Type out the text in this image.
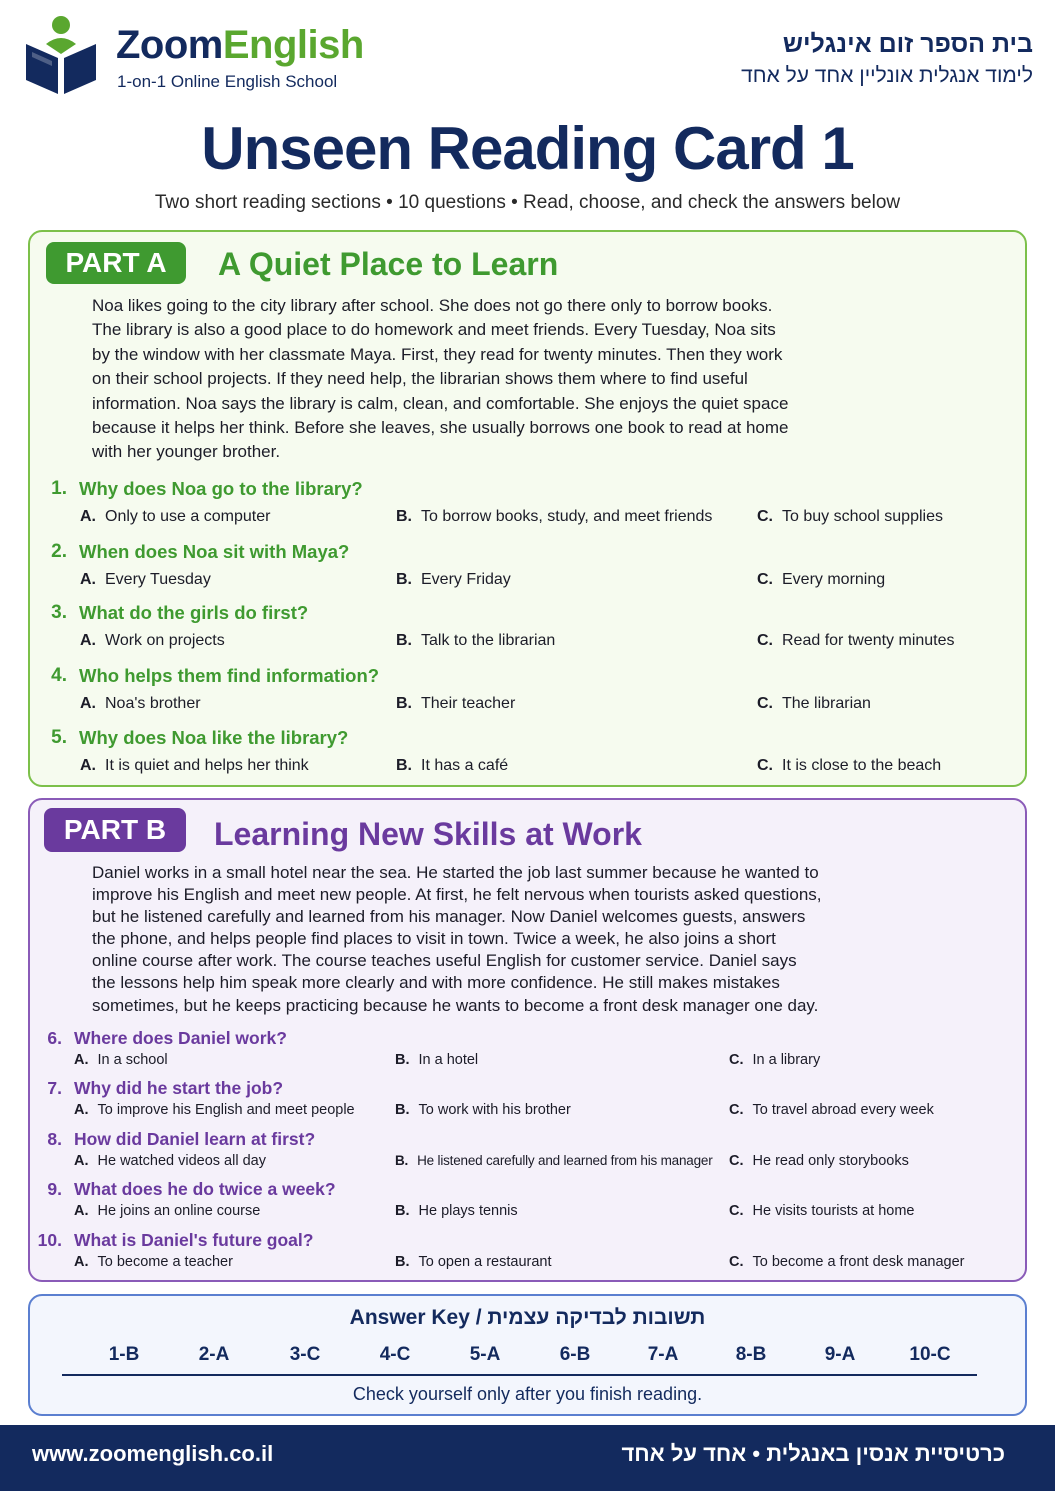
ZoomEnglish
1-on-1 Online English School
בית הספר זום אינגליש
לימוד אנגלית אונליין אחד על אחד
Unseen Reading Card 1
Two short reading sections • 10 questions • Read, choose, and check the answers below
PART A	A Quiet Place to Learn
Noa likes going to the city library after school. She does not go there only to borrow books.
The library is also a good place to do homework and meet friends. Every Tuesday, Noa sits
by the window with her classmate Maya. First, they read for twenty minutes. Then they work
on their school projects. If they need help, the librarian shows them where to find useful
information. Noa says the library is calm, clean, and comfortable. She enjoys the quiet space
because it helps her think. Before she leaves, she usually borrows one book to read at home
with her younger brother.
1. Why does Noa go to the library?
A. Only to use a computer	B. To borrow books, study, and meet friends	C. To buy school supplies
2. When does Noa sit with Maya?
A. Every Tuesday	B. Every Friday	C. Every morning
3. What do the girls do first?
A. Work on projects	B. Talk to the librarian	C. Read for twenty minutes
4. Who helps them find information?
A. Noa's brother	B. Their teacher	C. The librarian
5. Why does Noa like the library?
A. It is quiet and helps her think	B. It has a café	C. It is close to the beach
PART B	Learning New Skills at Work
Daniel works in a small hotel near the sea. He started the job last summer because he wanted to
improve his English and meet new people. At first, he felt nervous when tourists asked questions,
but he listened carefully and learned from his manager. Now Daniel welcomes guests, answers
the phone, and helps people find places to visit in town. Twice a week, he also joins a short
online course after work. The course teaches useful English for customer service. Daniel says
the lessons help him speak more clearly and with more confidence. He still makes mistakes
sometimes, but he keeps practicing because he wants to become a front desk manager one day.
6. Where does Daniel work?
A. In a school	B. In a hotel	C. In a library
7. Why did he start the job?
A. To improve his English and meet people	B. To work with his brother	C. To travel abroad every week
8. How did Daniel learn at first?
A. He watched videos all day	B. He listened carefully and learned from his manager C. He read only storybooks
9. What does he do twice a week?
A. He joins an online course	B. He plays tennis	C. He visits tourists at home
10. What is Daniel's future goal?
A. To become a teacher	B. To open a restaurant	C. To become a front desk manager
Answer Key / תשובות לבדיקה עצמית
1-B	2-A	3-C	4-C	5-A	6-B	7-A	8-B	9-A	10-C
Check yourself only after you finish reading.
www.zoomenglish.co.il	כרטיסיית אנסין באנגלית • אחד על אחד
